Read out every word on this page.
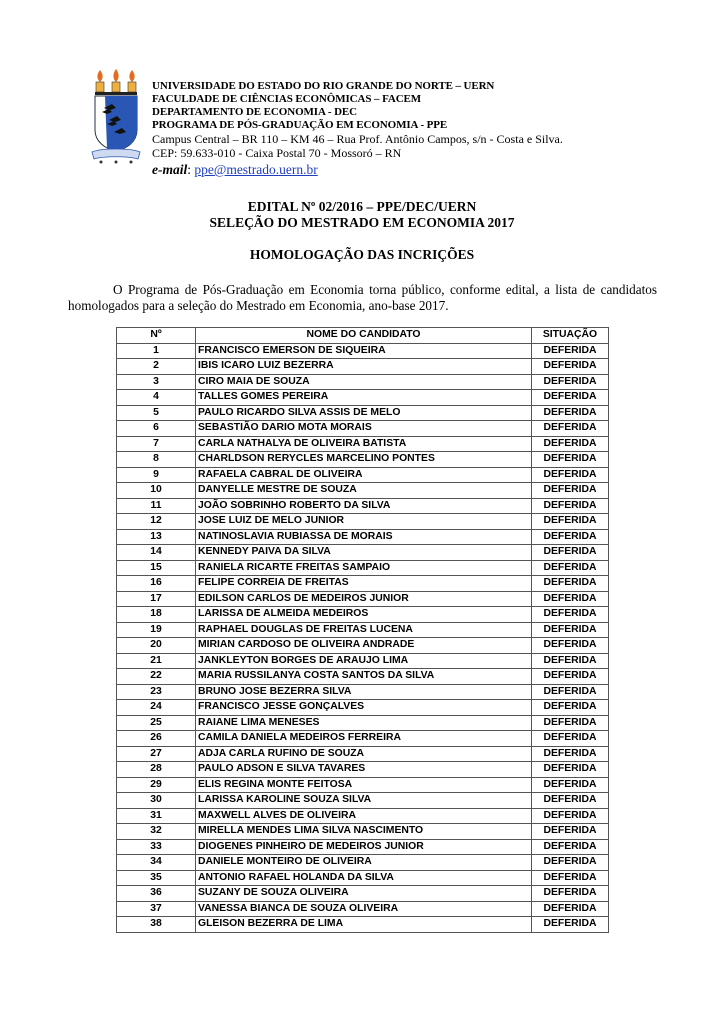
UNIVERSIDADE DO ESTADO DO RIO GRANDE DO NORTE – UERN
FACULDADE DE CIÊNCIAS ECONÔMICAS – FACEM
DEPARTAMENTO DE ECONOMIA - DEC
PROGRAMA DE PÓS-GRADUAÇÃO EM ECONOMIA - PPE
Campus Central – BR 110 – KM 46 – Rua Prof. Antônio Campos, s/n - Costa e Silva.
CEP: 59.633-010 - Caixa Postal 70 - Mossoró – RN
e-mail: ppe@mestrado.uern.br
EDITAL Nº 02/2016 – PPE/DEC/UERN
SELEÇÃO DO MESTRADO EM ECONOMIA 2017
HOMOLOGAÇÃO DAS INCRIÇÕES

O Programa de Pós-Graduação em Economia torna público, conforme edital, a lista de candidatos homologados para a seleção do Mestrado em Economia, ano-base 2017.

Nº	NOME DO CANDIDATO	SITUAÇÃO
1	FRANCISCO EMERSON DE SIQUEIRA	DEFERIDA
2	IBIS ICARO LUIZ BEZERRA	DEFERIDA
3	CIRO MAIA DE SOUZA	DEFERIDA
4	TALLES GOMES PEREIRA	DEFERIDA
5	PAULO RICARDO SILVA ASSIS DE MELO	DEFERIDA
6	SEBASTIÃO DARIO MOTA MORAIS	DEFERIDA
7	CARLA NATHALYA DE OLIVEIRA BATISTA	DEFERIDA
8	CHARLDSON RERYCLES MARCELINO PONTES	DEFERIDA
9	RAFAELA CABRAL DE OLIVEIRA	DEFERIDA
10	DANYELLE MESTRE DE SOUZA	DEFERIDA
11	JOÃO SOBRINHO ROBERTO DA SILVA	DEFERIDA
12	JOSE LUIZ DE MELO JUNIOR	DEFERIDA
13	NATINOSLAVIA RUBIASSA DE MORAIS	DEFERIDA
14	KENNEDY PAIVA DA SILVA	DEFERIDA
15	RANIELA RICARTE FREITAS SAMPAIO	DEFERIDA
16	FELIPE CORREIA DE FREITAS	DEFERIDA
17	EDILSON CARLOS DE MEDEIROS JUNIOR	DEFERIDA
18	LARISSA DE ALMEIDA MEDEIROS	DEFERIDA
19	RAPHAEL DOUGLAS DE FREITAS LUCENA	DEFERIDA
20	MIRIAN CARDOSO DE OLIVEIRA ANDRADE	DEFERIDA
21	JANKLEYTON BORGES DE ARAUJO LIMA	DEFERIDA
22	MARIA RUSSILANYA COSTA SANTOS DA SILVA	DEFERIDA
23	BRUNO JOSE BEZERRA SILVA	DEFERIDA
24	FRANCISCO JESSE GONÇALVES	DEFERIDA
25	RAIANE LIMA MENESES	DEFERIDA
26	CAMILA DANIELA MEDEIROS FERREIRA	DEFERIDA
27	ADJA CARLA RUFINO DE SOUZA	DEFERIDA
28	PAULO ADSON E SILVA TAVARES	DEFERIDA
29	ELIS REGINA MONTE FEITOSA	DEFERIDA
30	LARISSA KAROLINE SOUZA SILVA	DEFERIDA
31	MAXWELL ALVES DE OLIVEIRA	DEFERIDA
32	MIRELLA MENDES LIMA SILVA NASCIMENTO	DEFERIDA
33	DIOGENES PINHEIRO DE MEDEIROS JUNIOR	DEFERIDA
34	DANIELE MONTEIRO DE OLIVEIRA	DEFERIDA
35	ANTONIO RAFAEL HOLANDA DA SILVA	DEFERIDA
36	SUZANY DE SOUZA OLIVEIRA	DEFERIDA
37	VANESSA BIANCA DE SOUZA OLIVEIRA	DEFERIDA
38	GLEISON BEZERRA DE LIMA	DEFERIDA
